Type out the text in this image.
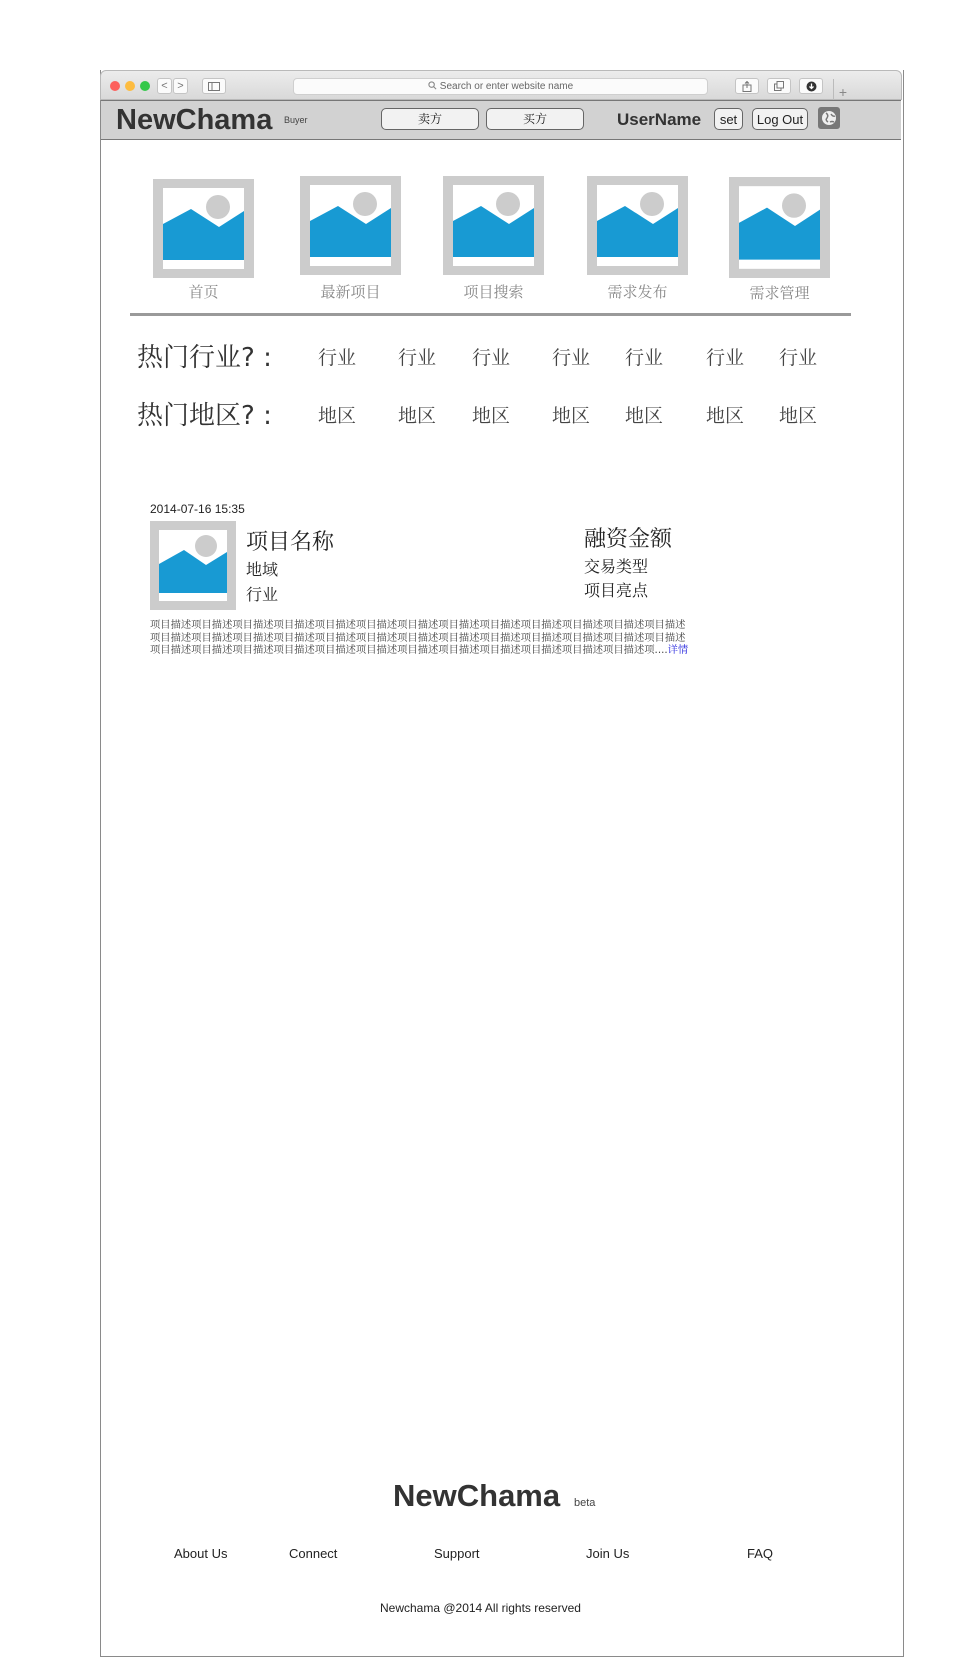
< >	Search or enter website name	+
NewChama Buyer	卖方	买方	UserName	set	Log Out
首页	最新项目	项目搜索	需求发布	需求管理
热门行业? : 行业 行业 行业 行业 行业 行业 行业
热门地区? : 地区 地区 地区 地区 地区 地区 地区
2014-07-16 15:35
项目名称
地域
行业
融资金额
交易类型
项目亮点
项目描述项目描述项目描述项目描述项目描述项目描述项目描述项目描述项目描述项目描述项目描述项目描述项目描述
项目描述项目描述项目描述项目描述项目描述项目描述项目描述项目描述项目描述项目描述项目描述项目描述项目描述
项目描述项目描述项目描述项目描述项目描述项目描述项目描述项目描述项目描述项目描述项目描述项目描述项....详情
NewChama beta
About Us	Connect	Support	Join Us	FAQ
Newchama @2014 All rights reserved
